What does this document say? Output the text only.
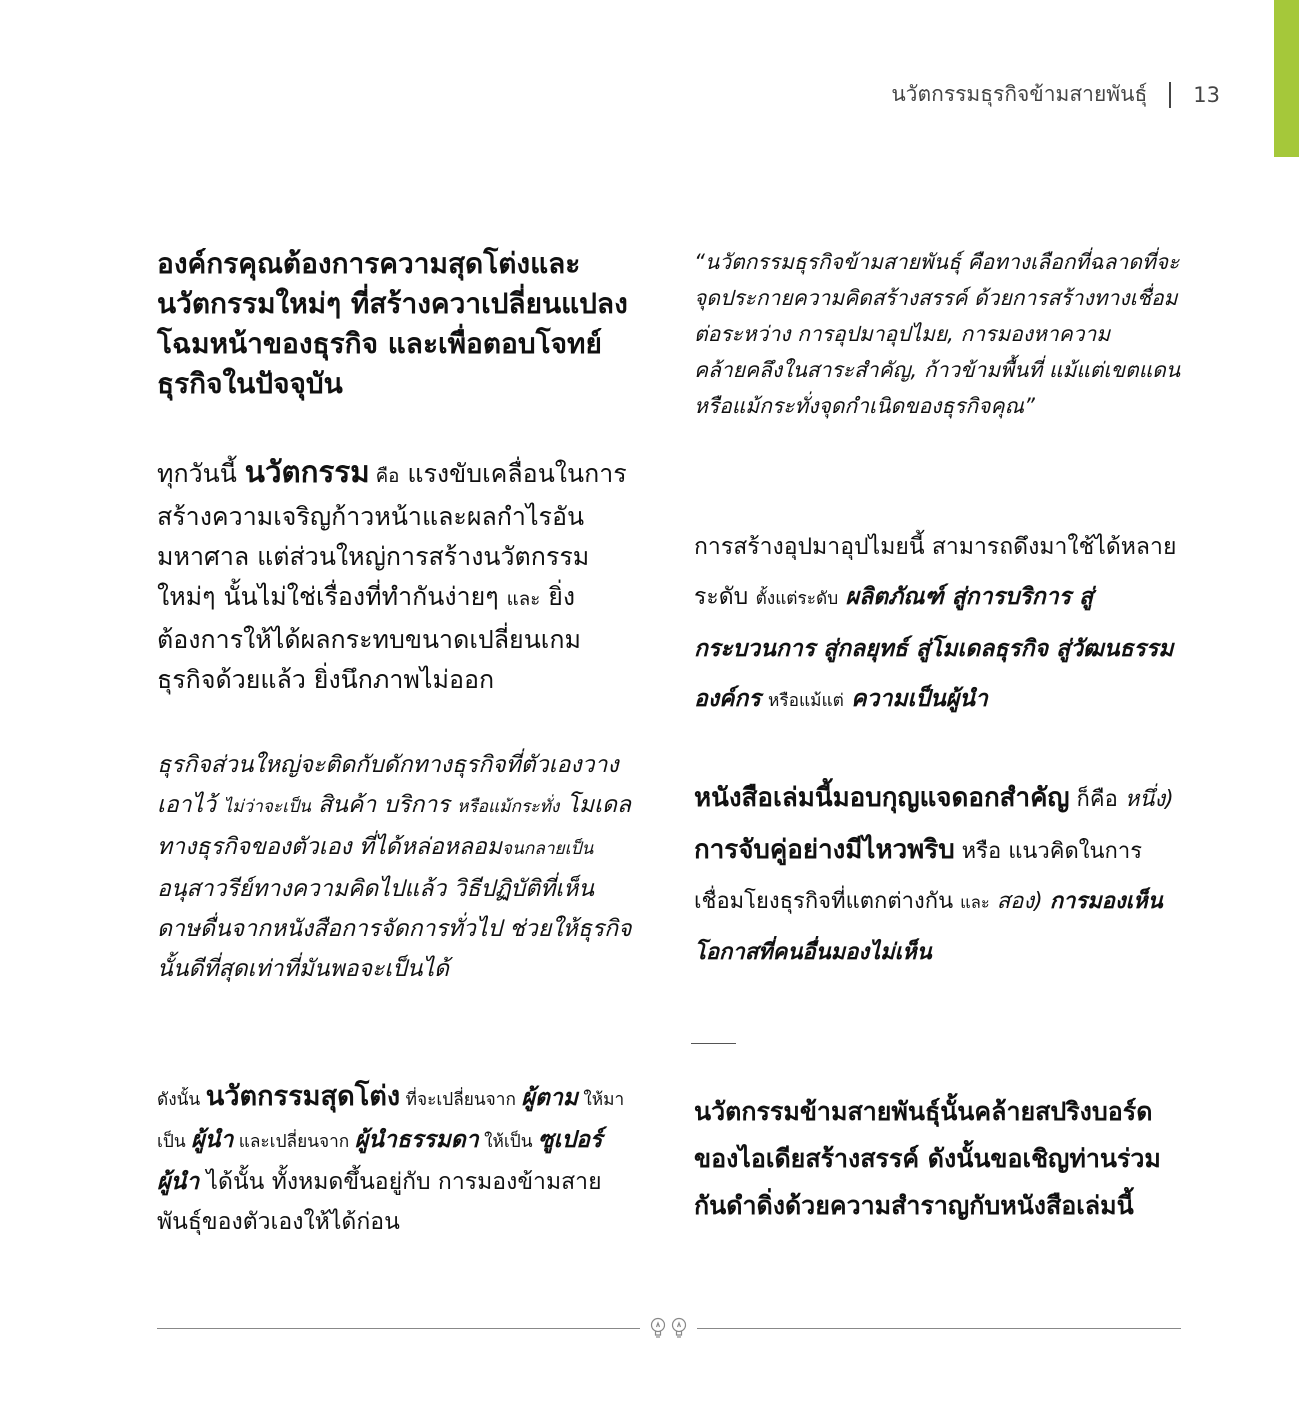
นวัตกรรมธุรกิจข้ามสายพันธุ์ 13

องค์กรคุณต้องการความสุดโต่งและนวัตกรรมใหม่ๆ ที่สร้างควาเปลี่ยนแปลงโฉมหน้าของธุรกิจ และเพื่อตอบโจทย์ธุรกิจในปัจจุบัน

ทุกวันนี้ นวัตกรรม คือ แรงขับเคลื่อนในการสร้างความเจริญก้าวหน้าและผลกำไรอันมหาศาล แต่ส่วนใหญ่การสร้างนวัตกรรมใหม่ๆ นั้นไม่ใช่เรื่องที่ทำกันง่ายๆ และ ยิ่งต้องการให้ได้ผลกระทบขนาดเปลี่ยนเกมธุรกิจด้วยแล้ว ยิ่งนึกภาพไม่ออก

ธุรกิจส่วนใหญ่จะติดกับดักทางธุรกิจที่ตัวเองวางเอาไว้ ไม่ว่าจะเป็น สินค้า บริการ หรือแม้กระทั่ง โมเดลทางธุรกิจของตัวเอง ที่ได้หล่อหลอมจนกลายเป็นอนุสาวรีย์ทางความคิดไปแล้ว วิธีปฏิบัติที่เห็นดาษดื่นจากหนังสือการจัดการทั่วไป ช่วยให้ธุรกิจนั้นดีที่สุดเท่าที่มันพอจะเป็นได้

ดังนั้น นวัตกรรมสุดโต่ง ที่จะเปลี่ยนจาก ผู้ตาม ให้มาเป็น ผู้นำ และเปลี่ยนจาก ผู้นำธรรมดา ให้เป็น ซูเปอร์ผู้นำ ได้นั้น ทั้งหมดขึ้นอยู่กับ การมองข้ามสายพันธุ์ของตัวเองให้ได้ก่อน

“นวัตกรรมธุรกิจข้ามสายพันธุ์ คือทางเลือกที่ฉลาดที่จะจุดประกายความคิดสร้างสรรค์ ด้วยการสร้างทางเชื่อมต่อระหว่าง การอุปมาอุปไมย, การมองหาความคล้ายคลึงในสาระสำคัญ, ก้าวข้ามพื้นที่ แม้แต่เขตแดนหรือแม้กระทั่งจุดกำเนิดของธุรกิจคุณ”

การสร้างอุปมาอุปไมยนี้ สามารถดึงมาใช้ได้หลาย ระดับ ตั้งแต่ระดับ ผลิตภัณฑ์ สู่การบริการ สู่กระบวนการ สู่กลยุทธ์ สู่โมเดลธุรกิจ สู่วัฒนธรรมองค์กร หรือแม้แต่ ความเป็นผู้นำ

หนังสือเล่มนี้มอบกุญแจดอกสำคัญ ก็คือ หนึ่ง) การจับคู่อย่างมีไหวพริบ หรือ แนวคิดในการเชื่อมโยงธุรกิจที่แตกต่างกัน และ สอง) การมองเห็นโอกาสที่คนอื่นมองไม่เห็น

นวัตกรรมข้ามสายพันธุ์นั้นคล้ายสปริงบอร์ดของไอเดียสร้างสรรค์ ดังนั้นขอเชิญท่านร่วมกันดำดิ่งด้วยความสำราญกับหนังสือเล่มนี้
